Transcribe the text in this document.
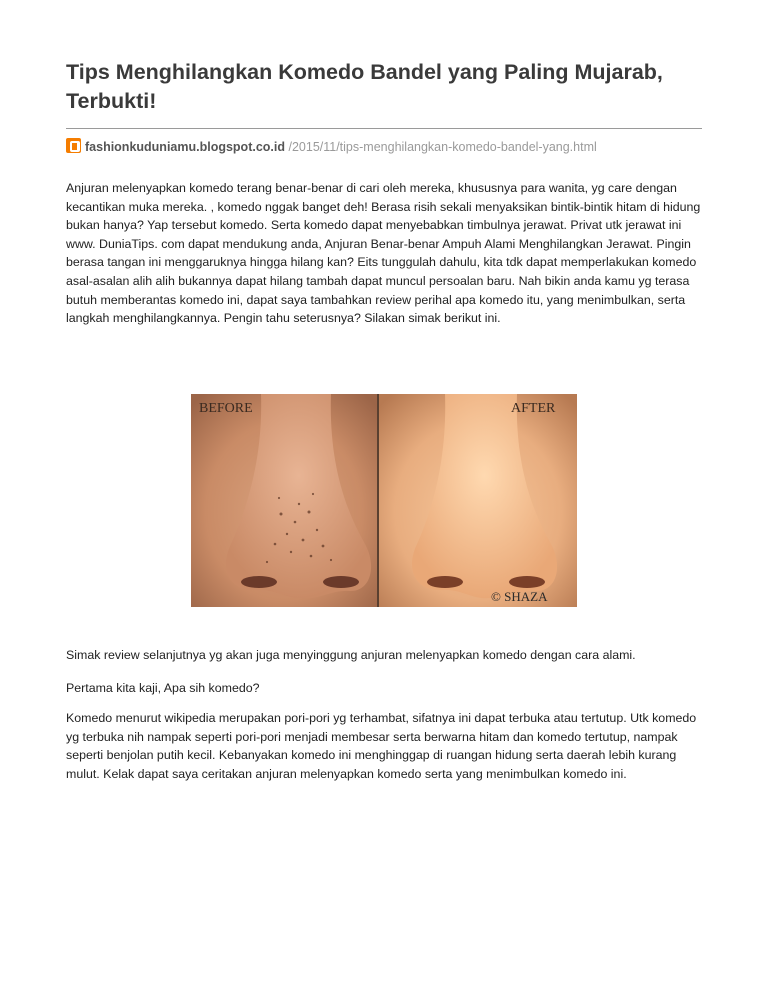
Tips Menghilangkan Komedo Bandel yang Paling Mujarab, Terbukti!
fashionkuduniamu.blogspot.co.id /2015/11/tips-menghilangkan-komedo-bandel-yang.html

Anjuran melenyapkan komedo terang benar-benar di cari oleh mereka, khususnya para wanita, yg care dengan kecantikan muka mereka. , komedo nggak banget deh! Berasa risih sekali menyaksikan bintik-bintik hitam di hidung bukan hanya? Yap tersebut komedo. Serta komedo dapat menyebabkan timbulnya jerawat. Privat utk jerawat ini www. DuniaTips. com dapat mendukung anda, Anjuran Benar-benar Ampuh Alami Menghilangkan Jerawat. Pingin berasa tangan ini menggaruknya hingga hilang kan? Eits tunggulah dahulu, kita tdk dapat memperlakukan komedo asal-asalan alih alih bukannya dapat hilang tambah dapat muncul persoalan baru. Nah bikin anda kamu yg terasa butuh memberantas komedo ini, dapat saya tambahkan review perihal apa komedo itu, yang menimbulkan, serta langkah menghilangkannya. Pengin tahu seterusnya? Silakan simak berikut ini.

BEFORE	AFTER
© SHAZA

Simak review selanjutnya yg akan juga menyinggung anjuran melenyapkan komedo dengan cara alami.

Pertama kita kaji, Apa sih komedo?

Komedo menurut wikipedia merupakan pori-pori yg terhambat, sifatnya ini dapat terbuka atau tertutup. Utk komedo yg terbuka nih nampak seperti pori-pori menjadi membesar serta berwarna hitam dan komedo tertutup, nampak seperti benjolan putih kecil. Kebanyakan komedo ini menghinggap di ruangan hidung serta daerah lebih kurang mulut. Kelak dapat saya ceritakan anjuran melenyapkan komedo serta yang menimbulkan komedo ini.
